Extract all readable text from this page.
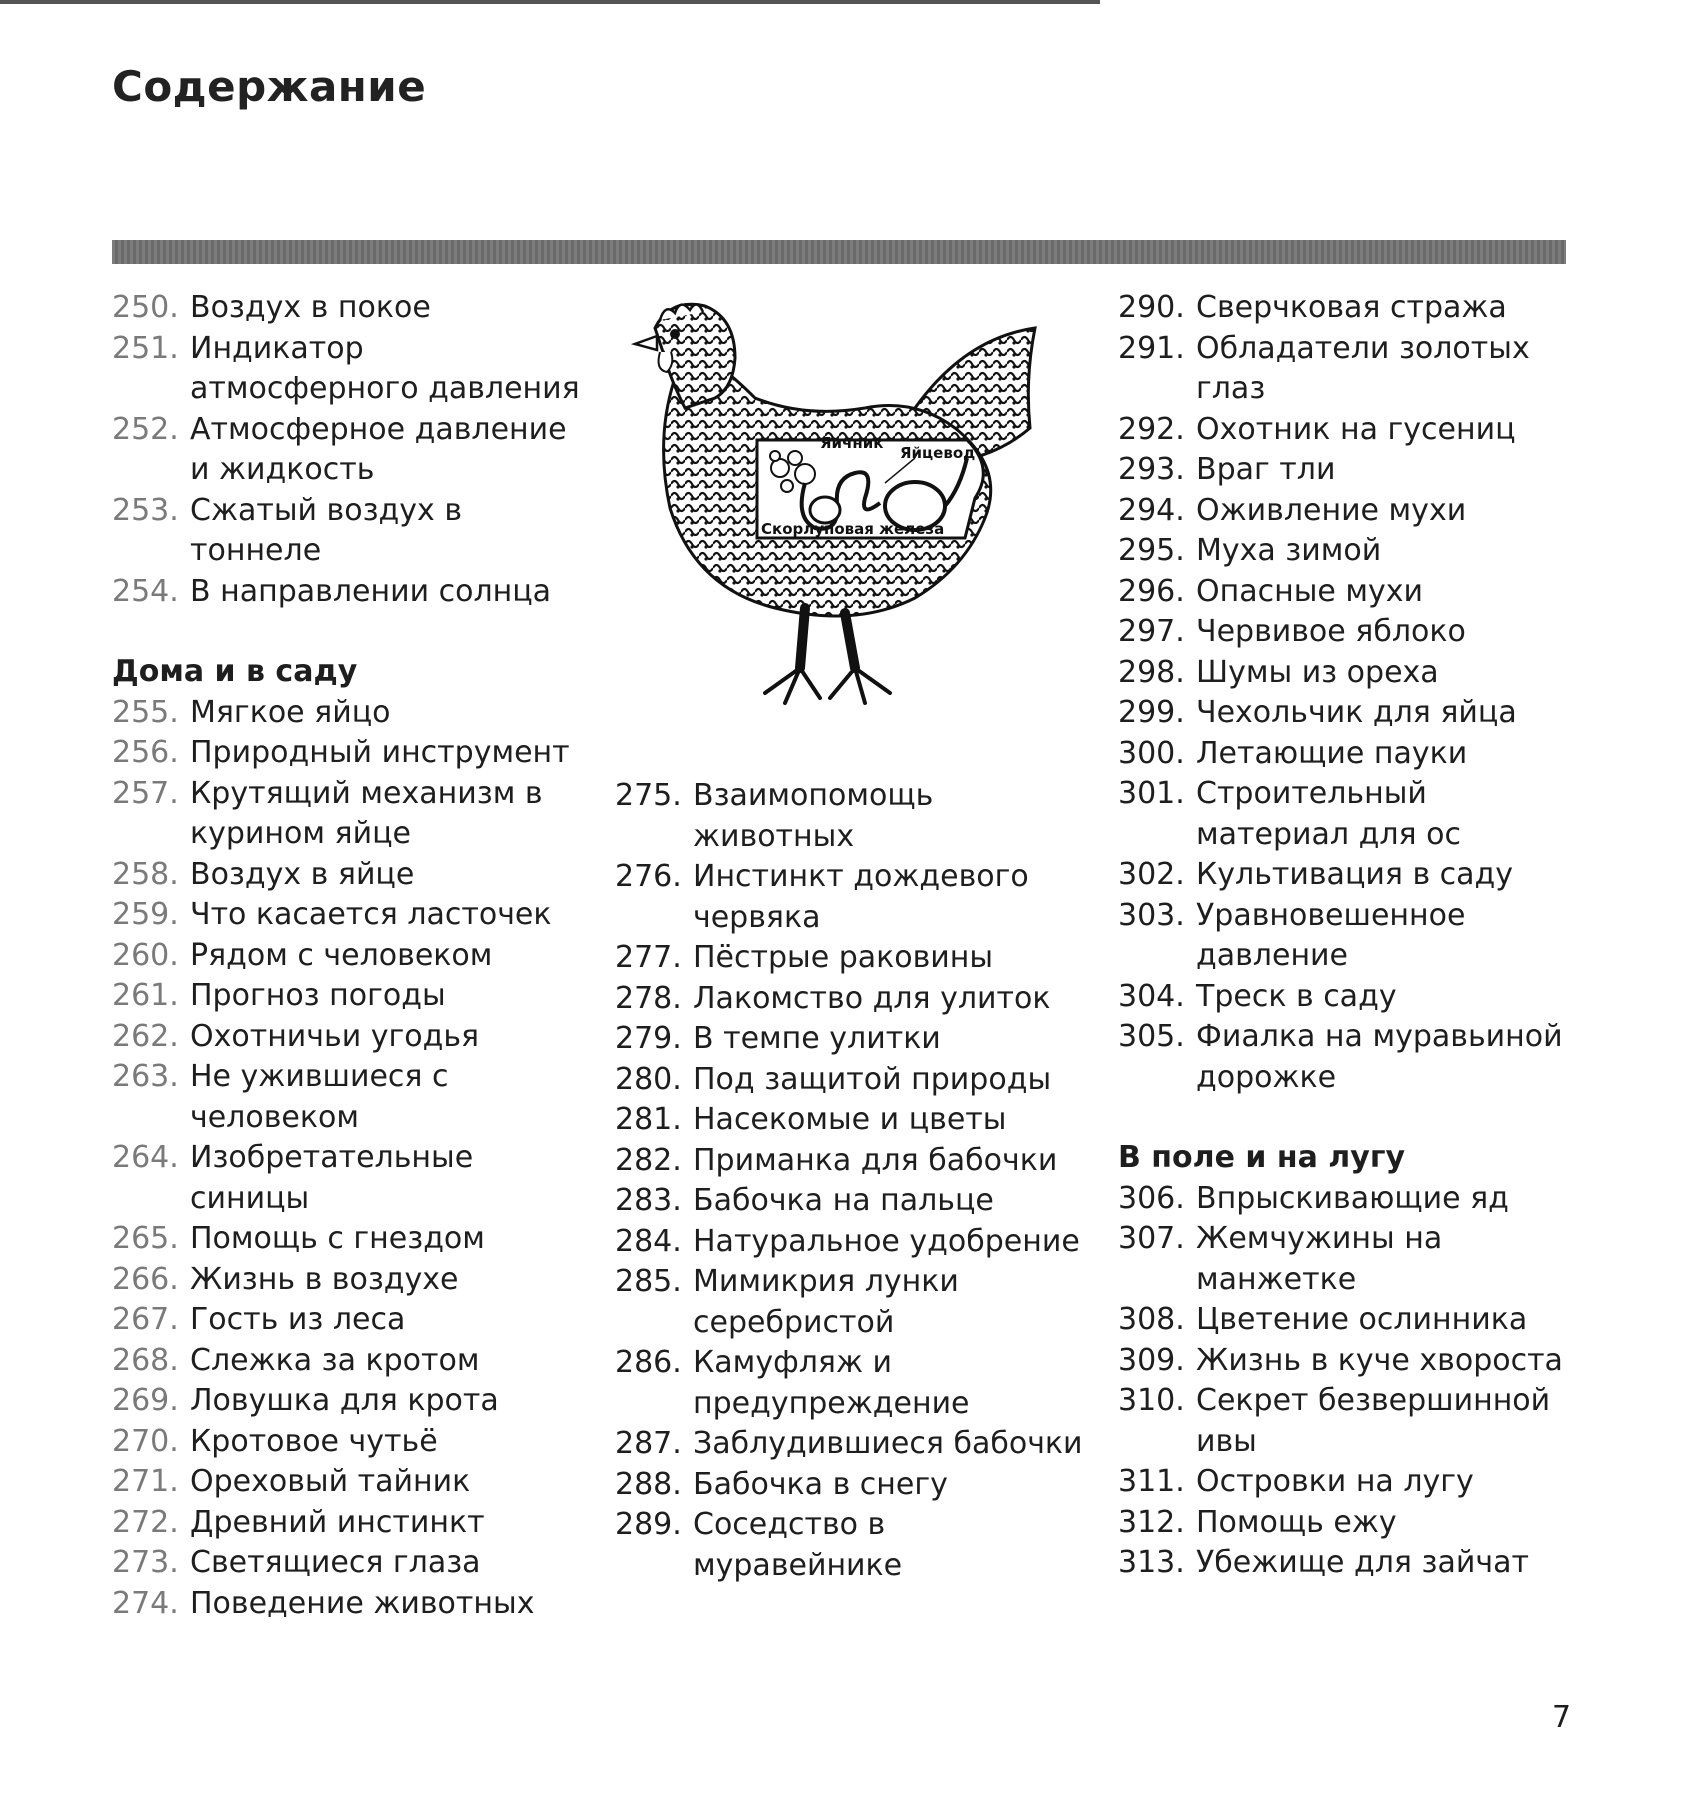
Содержание
250. Воздух в покое
251. Индикатор атмосферного давления
252. Атмосферное давление и жидкость
253. Сжатый воздух в тоннеле
254. В направлении солнца
Дома и в саду
255. Мягкое яйцо
256. Природный инструмент
257. Крутящий механизм в курином яйце
258. Воздух в яйце
259. Что касается ласточек
260. Рядом с человеком
261. Прогноз погоды
262. Охотничьи угодья
263. Не ужившиеся с человеком
264. Изобретательные синицы
265. Помощь с гнездом
266. Жизнь в воздухе
267. Гость из леса
268. Слежка за кротом
269. Ловушка для крота
270. Кротовое чутьё
271. Ореховый тайник
272. Древний инстинкт
273. Светящиеся глаза
274. Поведение животных
Яичник
Яйцевод
Скорлуповая железа
275. Взаимопомощь животных
276. Инстинкт дождевого червяка
277. Пёстрые раковины
278. Лакомство для улиток
279. В темпе улитки
280. Под защитой природы
281. Насекомые и цветы
282. Приманка для бабочки
283. Бабочка на пальце
284. Натуральное удобрение
285. Мимикрия лунки серебристой
286. Камуфляж и предупреждение
287. Заблудившиеся бабочки
288. Бабочка в снегу
289. Соседство в муравейнике
290. Сверчковая стража
291. Обладатели золотых глаз
292. Охотник на гусениц
293. Враг тли
294. Оживление мухи
295. Муха зимой
296. Опасные мухи
297. Червивое яблоко
298. Шумы из ореха
299. Чехольчик для яйца
300. Летающие пауки
301. Строительный материал для ос
302. Культивация в саду
303. Уравновешенное давление
304. Треск в саду
305. Фиалка на муравьиной дорожке
В поле и на лугу
306. Впрыскивающие яд
307. Жемчужины на манжетке
308. Цветение ослинника
309. Жизнь в куче хвороста
310. Секрет безвершинной ивы
311. Островки на лугу
312. Помощь ежу
313. Убежище для зайчат
7
